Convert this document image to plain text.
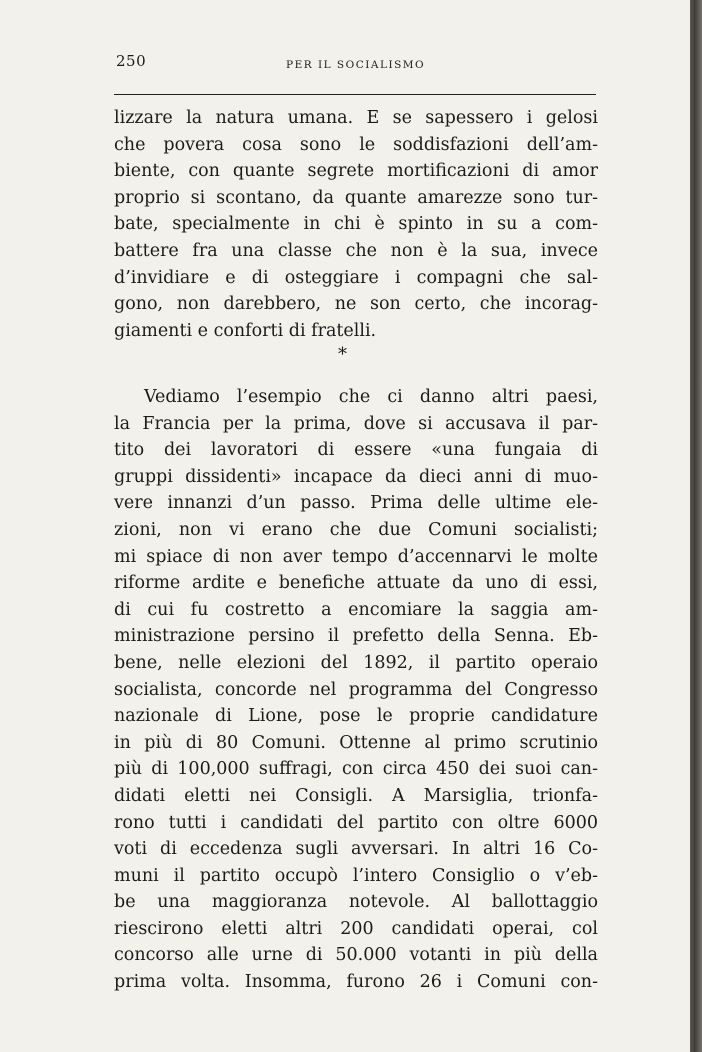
250	PER IL SOCIALISMO

lizzare la natura umana. E se sapessero i gelosi
che povera cosa sono le soddisfazioni dell’am-
biente, con quante segrete mortificazioni di amor
proprio si scontano, da quante amarezze sono tur-
bate, specialmente in chi è spinto in su a com-
battere fra una classe che non è la sua, invece
d’invidiare e di osteggiare i compagni che sal-
gono, non darebbero, ne son certo, che incorag-
giamenti e conforti di fratelli.

*

Vediamo l’esempio che ci danno altri paesi,
la Francia per la prima, dove si accusava il par-
tito dei lavoratori di essere «una fungaia di
gruppi dissidenti» incapace da dieci anni di muo-
vere innanzi d’un passo. Prima delle ultime ele-
zioni, non vi erano che due Comuni socialisti;
mi spiace di non aver tempo d’accennarvi le molte
riforme ardite e benefiche attuate da uno di essi,
di cui fu costretto a encomiare la saggia am-
ministrazione persino il prefetto della Senna. Eb-
bene, nelle elezioni del 1892, il partito operaio
socialista, concorde nel programma del Congresso
nazionale di Lione, pose le proprie candidature
in più di 80 Comuni. Ottenne al primo scrutinio
più di 100,000 suffragi, con circa 450 dei suoi can-
didati eletti nei Consigli. A Marsiglia, trionfa-
rono tutti i candidati del partito con oltre 6000
voti di eccedenza sugli avversari. In altri 16 Co-
muni il partito occupò l’intero Consiglio o v’eb-
be una maggioranza notevole. Al ballottaggio
riescirono eletti altri 200 candidati operai, col
concorso alle urne di 50.000 votanti in più della
prima volta. Insomma, furono 26 i Comuni con-
